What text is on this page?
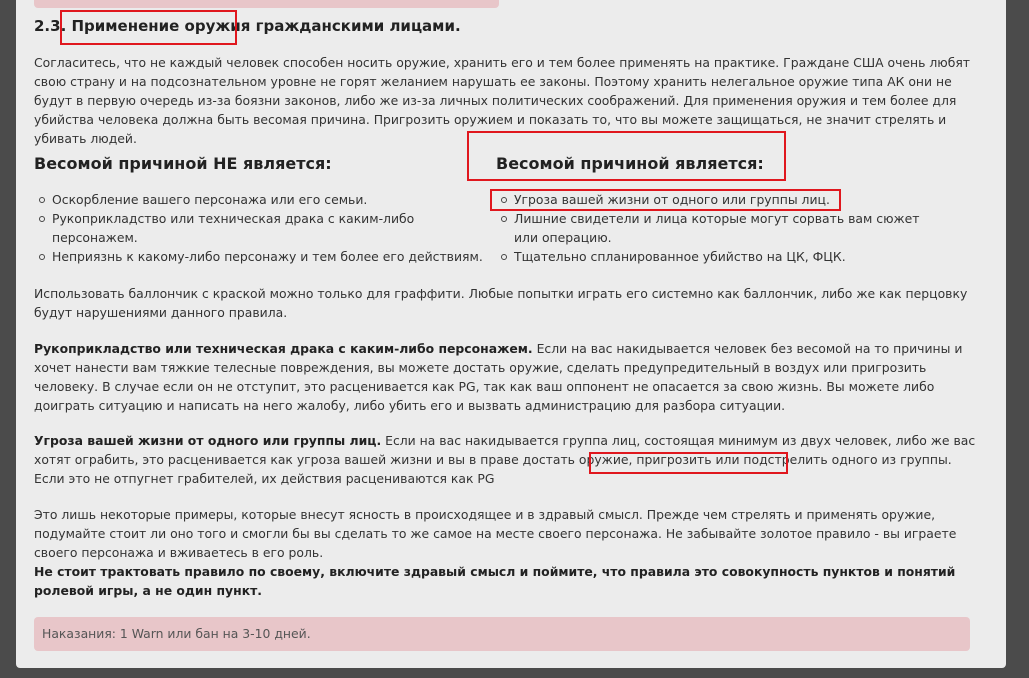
2.3. Применение оружия гражданскими лицами.

Согласитесь, что не каждый человек способен носить оружие, хранить его и тем более применять на практике. Граждане США очень любят свою страну и на подсознательном уровне не горят желанием нарушать ее законы. Поэтому хранить нелегальное оружие типа АК они не будут в первую очередь из-за боязни законов, либо же из-за личных политических соображений. Для применения оружия и тем более для убийства человека должна быть весомая причина. Пригрозить оружием и показать то, что вы можете защищаться, не значит стрелять и убивать людей.

Весомой причиной НЕ является:	Весомой причиной является:
Оскорбление вашего персонажа или его семьи.
Рукоприкладство или техническая драка с каким-либо персонажем.
Неприязнь к какому-либо персонажу и тем более его действиям.
Угроза вашей жизни от одного или группы лиц.
Лишние свидетели и лица которые могут сорвать вам сюжет или операцию.
Тщательно спланированное убийство на ЦК, ФЦК.

Использовать баллончик с краской можно только для граффити. Любые попытки играть его системно как баллончик, либо же как перцовку будут нарушениями данного правила.

Рукоприкладство или техническая драка с каким-либо персонажем. Если на вас накидывается человек без весомой на то причины и хочет нанести вам тяжкие телесные повреждения, вы можете достать оружие, сделать предупредительный в воздух или пригрозить человеку. В случае если он не отступит, это расценивается как PG, так как ваш оппонент не опасается за свою жизнь. Вы можете либо доиграть ситуацию и написать на него жалобу, либо убить его и вызвать администрацию для разбора ситуации.

Угроза вашей жизни от одного или группы лиц. Если на вас накидывается группа лиц, состоящая минимум из двух человек, либо же вас хотят ограбить, это расценивается как угроза вашей жизни и вы в праве достать оружие, пригрозить или подстрелить одного из группы. Если это не отпугнет грабителей, их действия расцениваются как PG

Это лишь некоторые примеры, которые внесут ясность в происходящее и в здравый смысл. Прежде чем стрелять и применять оружие, подумайте стоит ли оно того и смогли бы вы сделать то же самое на месте своего персонажа. Не забывайте золотое правило - вы играете своего персонажа и вживаетесь в его роль.

Не стоит трактовать правило по своему, включите здравый смысл и поймите, что правила это совокупность пунктов и понятий ролевой игры, а не один пункт.

Наказания: 1 Warn или бан на 3-10 дней.
